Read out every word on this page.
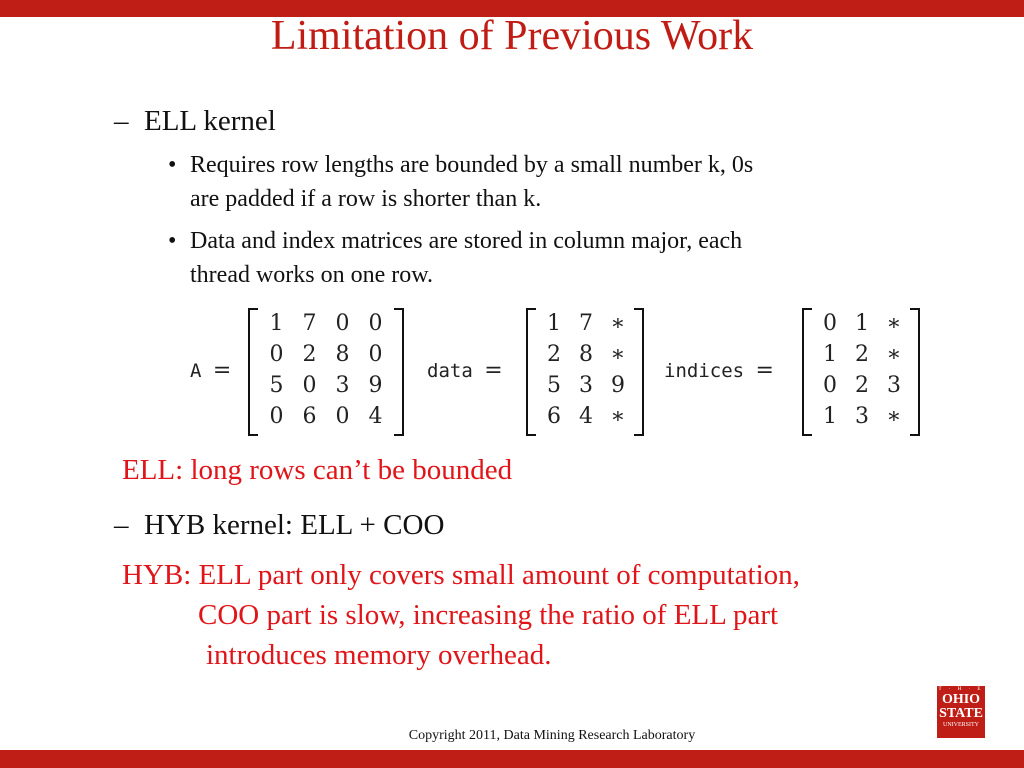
Limitation of Previous Work
– ELL kernel
• Requires row lengths are bounded by a small number k, 0s
are padded if a row is shorter than k.
• Data and index matrices are stored in column major, each
thread works on one row.
A =
1 7 0 0
0 2 8 0
5 0 3 9
0 6 0 4
data =
1 7 ∗
2 8 ∗
5 3 9
6 4 ∗
indices =
0 1 ∗
1 2 ∗
0 2 3
1 3 ∗
ELL: long rows can’t be bounded
– HYB kernel: ELL + COO
HYB: ELL part only covers small amount of computation,
COO part is slow, increasing the ratio of ELL part
introduces memory overhead.
Copyright 2011, Data Mining Research Laboratory
T · H · E
OHIO
STATE
UNIVERSITY
